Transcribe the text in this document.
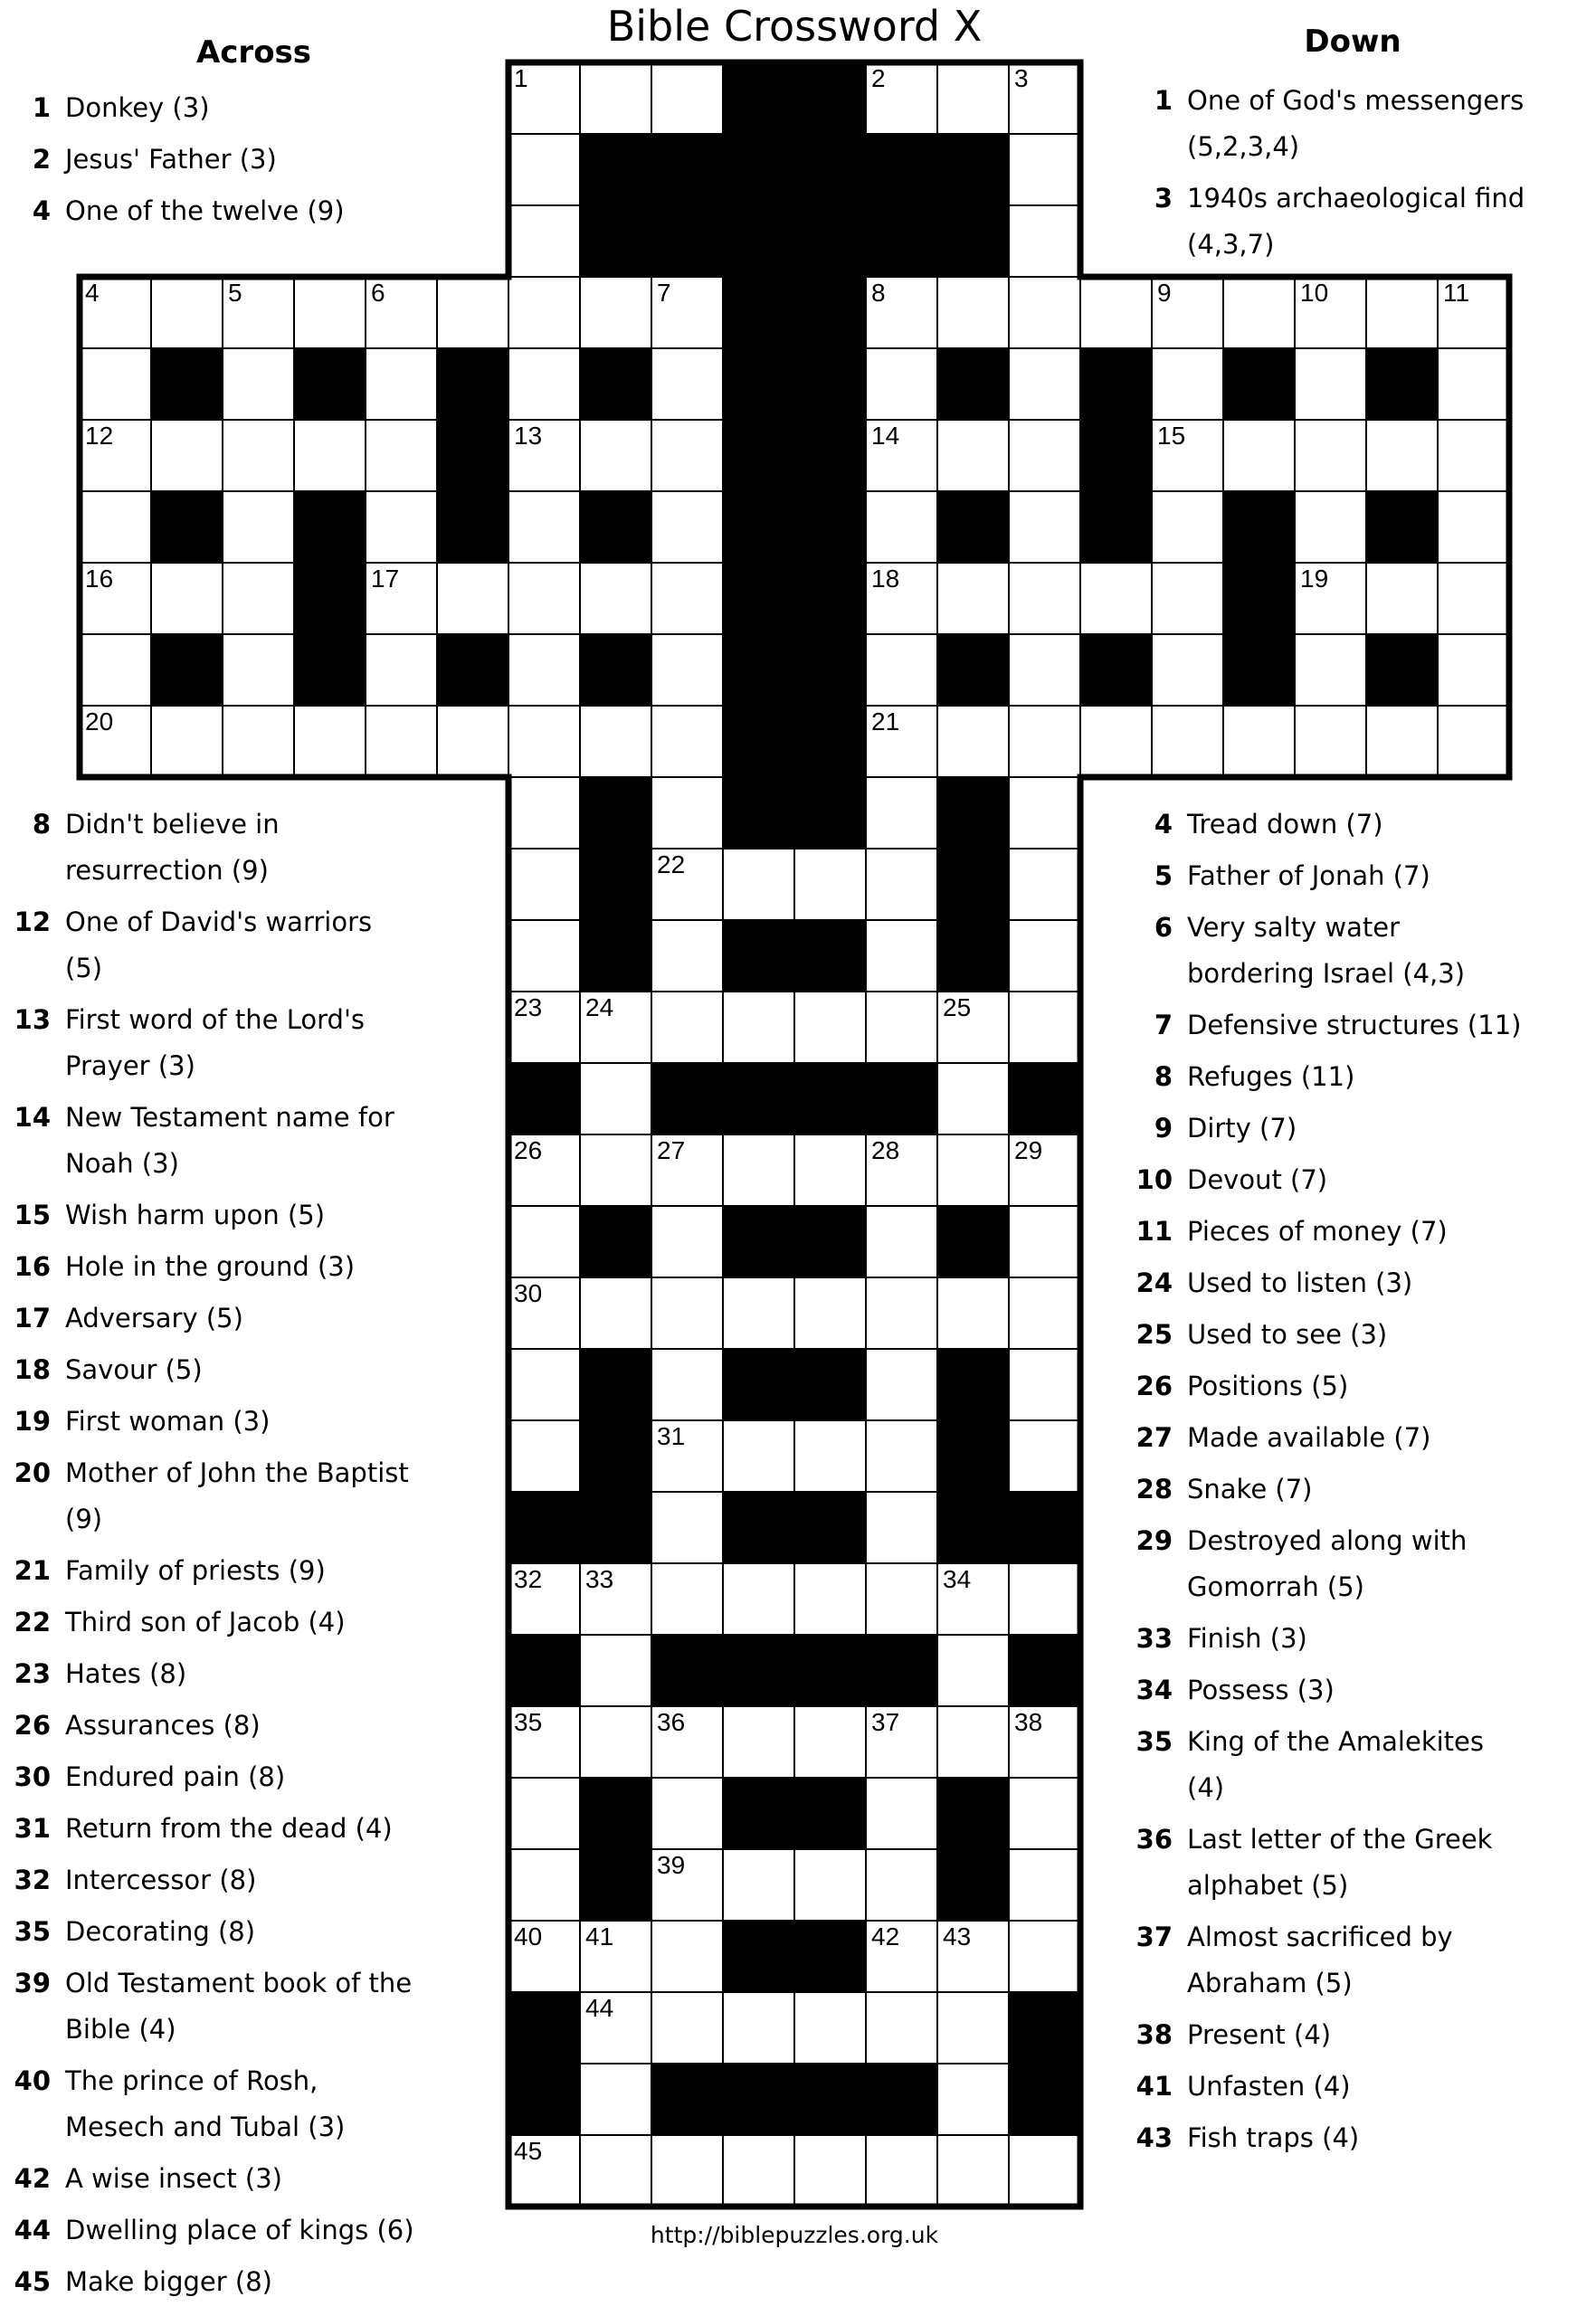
Bible Crossword X
Across	Down
1 Donkey (3)
2 Jesus' Father (3)
4 One of the twelve (9)
8 Didn't believe in
resurrection (9)
12 One of David's warriors
(5)
13 First word of the Lord's
Prayer (3)
14 New Testament name for
Noah (3)
15 Wish harm upon (5)
16 Hole in the ground (3)
17 Adversary (5)
18 Savour (5)
19 First woman (3)
20 Mother of John the Baptist
(9)
21 Family of priests (9)
22 Third son of Jacob (4)
23 Hates (8)
26 Assurances (8)
30 Endured pain (8)
31 Return from the dead (4)
32 Intercessor (8)
35 Decorating (8)
39 Old Testament book of the
Bible (4)
40 The prince of Rosh,
Mesech and Tubal (3)
42 A wise insect (3)
44 Dwelling place of kings (6)
45 Make bigger (8)
1 One of God's messengers
(5,2,3,4)
3 1940s archaeological find
(4,3,7)
4 Tread down (7)
5 Father of Jonah (7)
6 Very salty water
bordering Israel (4,3)
7 Defensive structures (11)
8 Refuges (11)
9 Dirty (7)
10 Devout (7)
11 Pieces of money (7)
24 Used to listen (3)
25 Used to see (3)
26 Positions (5)
27 Made available (7)
28 Snake (7)
29 Destroyed along with
Gomorrah (5)
33 Finish (3)
34 Possess (3)
35 King of the Amalekites
(4)
36 Last letter of the Greek
alphabet (5)
37 Almost sacrificed by
Abraham (5)
38 Present (4)
41 Unfasten (4)
43 Fish traps (4)
1	2	3
4	5	6	7	8	9	10	11
12	13	14	15
16	17	18	19
20	21
22
23 24	25
26	27	28	29
30
31
32 33	34
35	36	37	38
39
40 41	42 43
44
45
http://biblepuzzles.org.uk
